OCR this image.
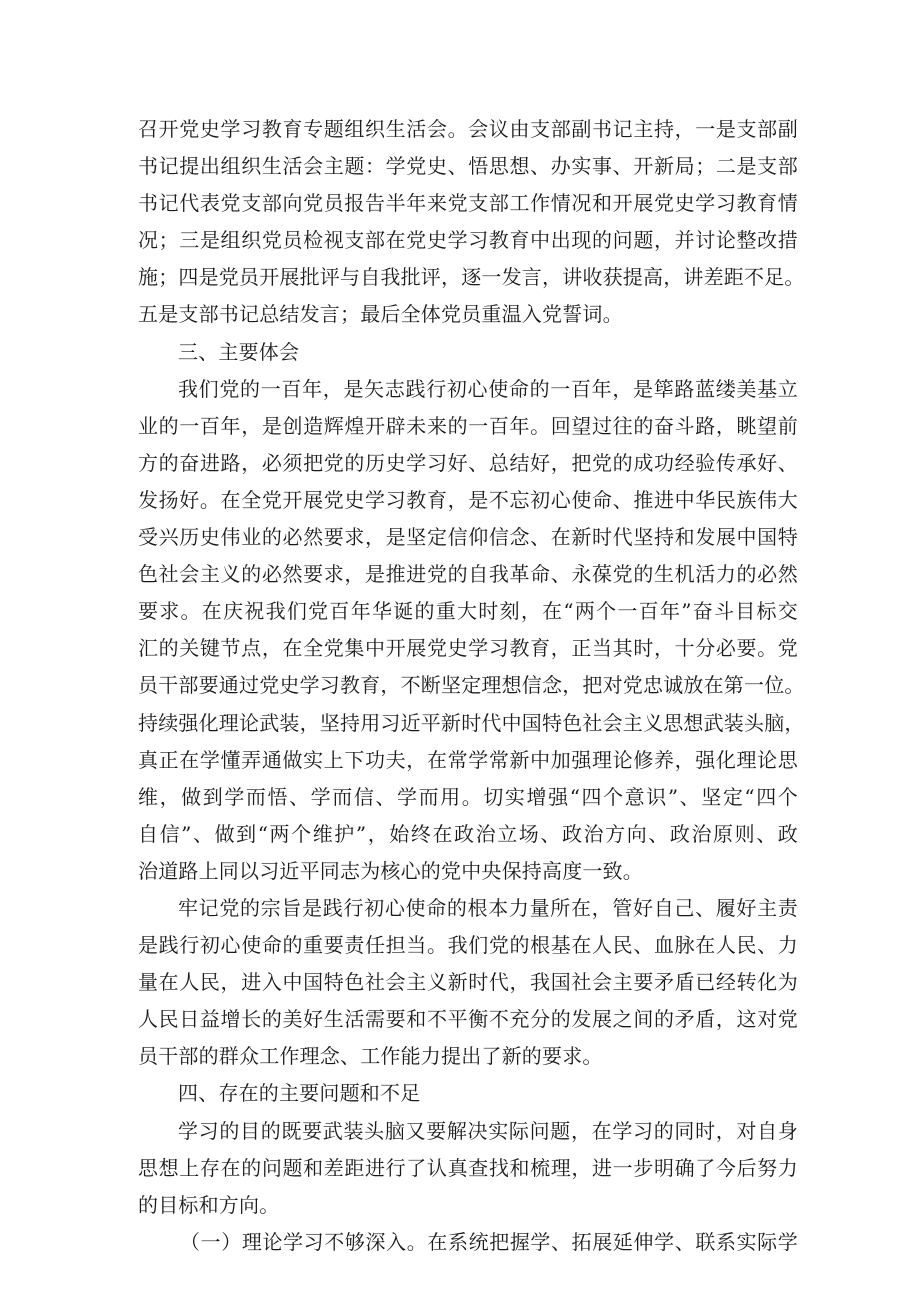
召开党史学习教育专题组织生活会。会议由支部副书记主持，一是支部副
书记提出组织生活会主题：学党史、悟思想、办实事、开新局；二是支部
书记代表党支部向党员报告半年来党支部工作情况和开展党史学习教育情
况；三是组织党员检视支部在党史学习教育中出现的问题，并讨论整改措
施；四是党员开展批评与自我批评，逐一发言，讲收获提高，讲差距不足。
五是支部书记总结发言；最后全体党员重温入党誓词。
三、主要体会
我们党的一百年，是矢志践行初心使命的一百年，是筚路蓝缕美基立
业的一百年，是创造辉煌开辟未来的一百年。回望过往的奋斗路，眺望前
方的奋进路，必须把党的历史学习好、总结好，把党的成功经验传承好、
发扬好。在全党开展党史学习教育，是不忘初心使命、推进中华民族伟大
受兴历史伟业的必然要求，是坚定信仰信念、在新时代坚持和发展中国特
色社会主义的必然要求，是推进党的自我革命、永葆党的生机活力的必然
要求。在庆祝我们党百年华诞的重大时刻，在“两个一百年”奋斗目标交
汇的关键节点，在全党集中开展党史学习教育，正当其时，十分必要。党
员干部要通过党史学习教育，不断坚定理想信念，把对党忠诚放在第一位。
持续强化理论武装，坚持用习近平新时代中国特色社会主义思想武装头脑，
真正在学懂弄通做实上下功夫，在常学常新中加强理论修养，强化理论思
维，做到学而悟、学而信、学而用。切实增强“四个意识”、坚定“四个
自信”、做到“两个维护”，始终在政治立场、政治方向、政治原则、政
治道路上同以习近平同志为核心的党中央保持高度一致。
牢记党的宗旨是践行初心使命的根本力量所在，管好自己、履好主责
是践行初心使命的重要责任担当。我们党的根基在人民、血脉在人民、力
量在人民，进入中国特色社会主义新时代，我国社会主要矛盾已经转化为
人民日益增长的美好生活需要和不平衡不充分的发展之间的矛盾，这对党
员干部的群众工作理念、工作能力提出了新的要求。
四、存在的主要问题和不足
学习的目的既要武装头脑又要解决实际问题，在学习的同时，对自身
思想上存在的问题和差距进行了认真查找和梳理，进一步明确了今后努力
的目标和方向。
（一）理论学习不够深入。在系统把握学、拓展延伸学、联系实际学
